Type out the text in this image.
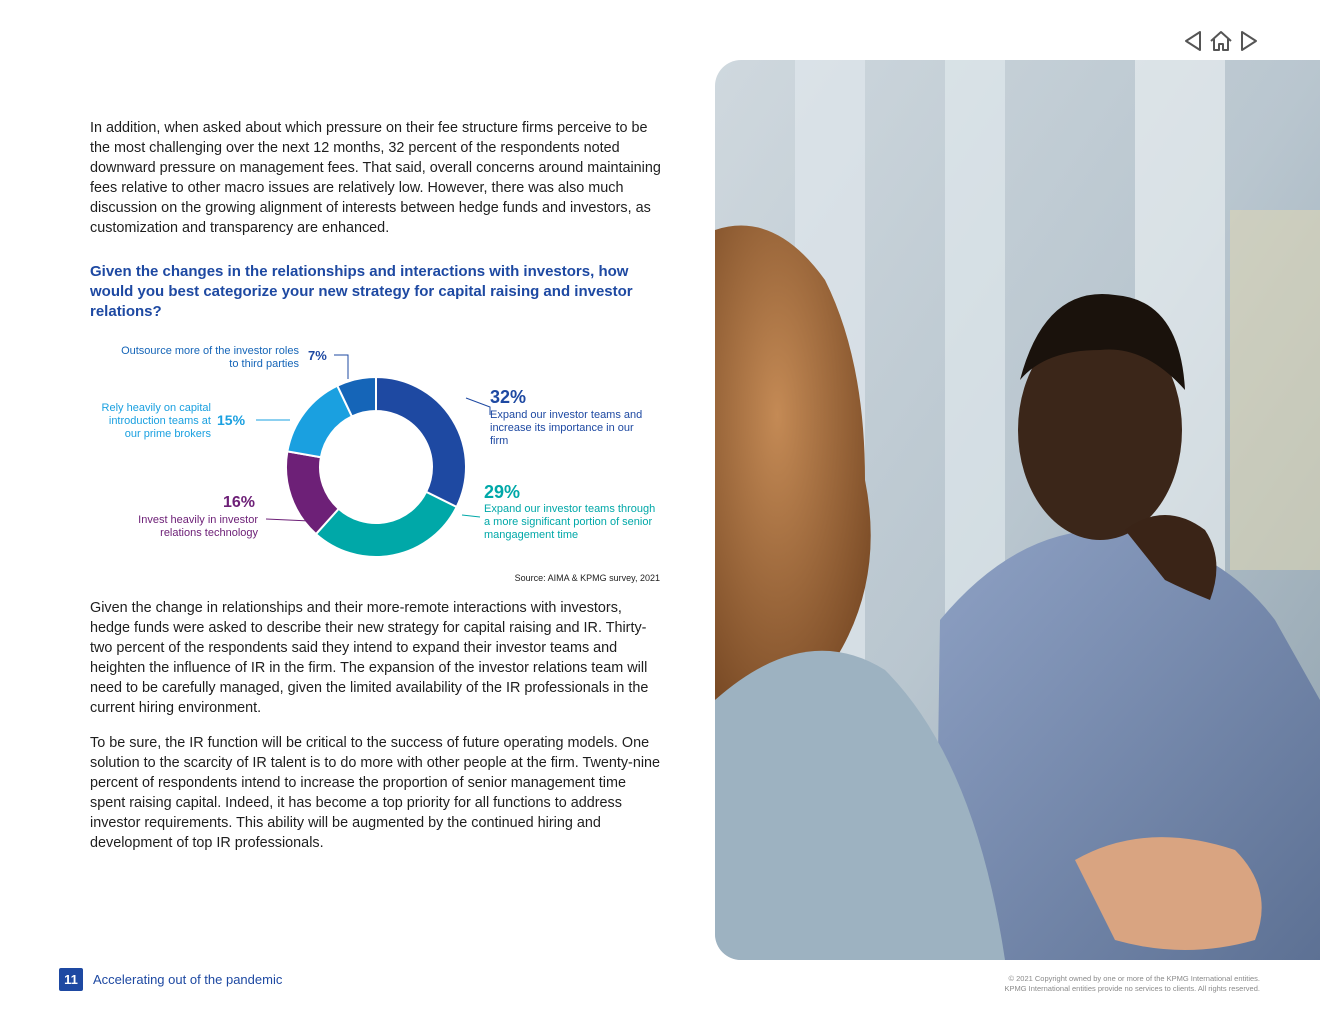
In addition, when asked about which pressure on their fee structure firms perceive to be the most challenging over the next 12 months, 32 percent of the respondents noted downward pressure on management fees. That said, overall concerns around maintaining fees relative to other macro issues are relatively low. However, there was also much discussion on the growing alignment of interests between hedge funds and investors, as customization and transparency are enhanced.

Given the changes in the relationships and interactions with investors, how would you best categorize your new strategy for capital raising and investor relations?

32%
Expand our investor teams and increase its importance in our firm
29%
Expand our investor teams through a more significant portion of senior mangagement time
16%
Invest heavily in investor relations technology
15%
Rely heavily on capital introduction teams at our prime brokers
7%
Outsource more of the investor roles to third parties
Source: AIMA & KPMG survey, 2021

Given the change in relationships and their more-remote interactions with investors, hedge funds were asked to describe their new strategy for capital raising and IR. Thirty-two percent of the respondents said they intend to expand their investor teams and heighten the influence of IR in the firm. The expansion of the investor relations team will need to be carefully managed, given the limited availability of the IR professionals in the current hiring environment.

To be sure, the IR function will be critical to the success of future operating models. One solution to the scarcity of IR talent is to do more with other people at the firm. Twenty-nine percent of respondents intend to increase the proportion of senior management time spent raising capital. Indeed, it has become a top priority for all functions to address investor requirements. This ability will be augmented by the continued hiring and development of top IR professionals.

11	Accelerating out of the pandemic	© 2021 Copyright owned by one or more of the KPMG International entities.
KPMG International entities provide no services to clients. All rights reserved.
